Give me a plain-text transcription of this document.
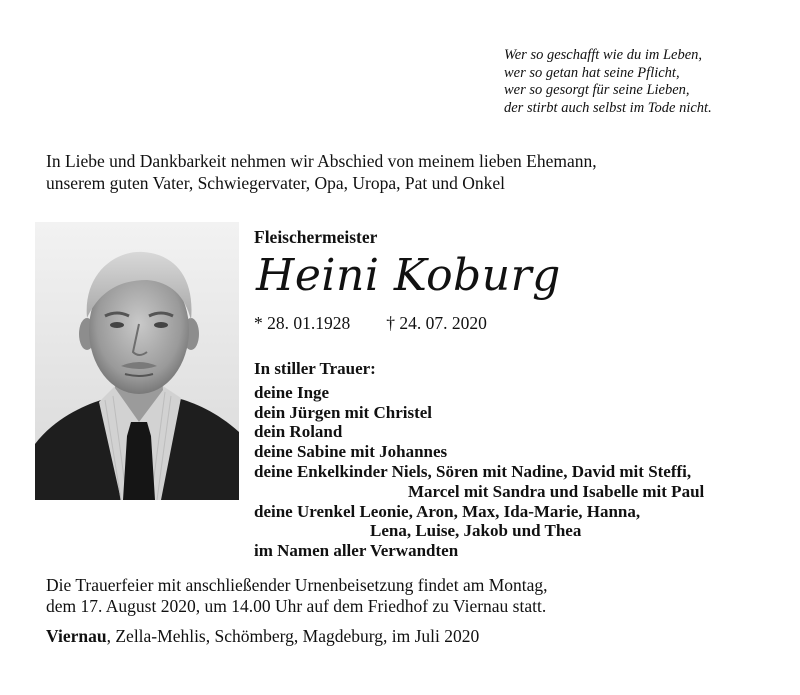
Wer so geschafft wie du im Leben,
wer so getan hat seine Pflicht,
wer so gesorgt für seine Lieben,
der stirbt auch selbst im Tode nicht.
In Liebe und Dankbarkeit nehmen wir Abschied von meinem lieben Ehemann,
unserem guten Vater, Schwiegervater, Opa, Uropa, Pat und Onkel
Fleischermeister
Heini Koburg
* 28. 01.1928 † 24. 07. 2020
In stiller Trauer:
deine Inge
dein Jürgen mit Christel
dein Roland
deine Sabine mit Johannes
deine Enkelkinder Niels, Sören mit Nadine, David mit Steffi,
Marcel mit Sandra und Isabelle mit Paul
deine Urenkel Leonie, Aron, Max, Ida-Marie, Hanna,
Lena, Luise, Jakob und Thea
im Namen aller Verwandten
Die Trauerfeier mit anschließender Urnenbeisetzung findet am Montag,
dem 17. August 2020, um 14.00 Uhr auf dem Friedhof zu Viernau statt.
Viernau, Zella-Mehlis, Schömberg, Magdeburg, im Juli 2020
